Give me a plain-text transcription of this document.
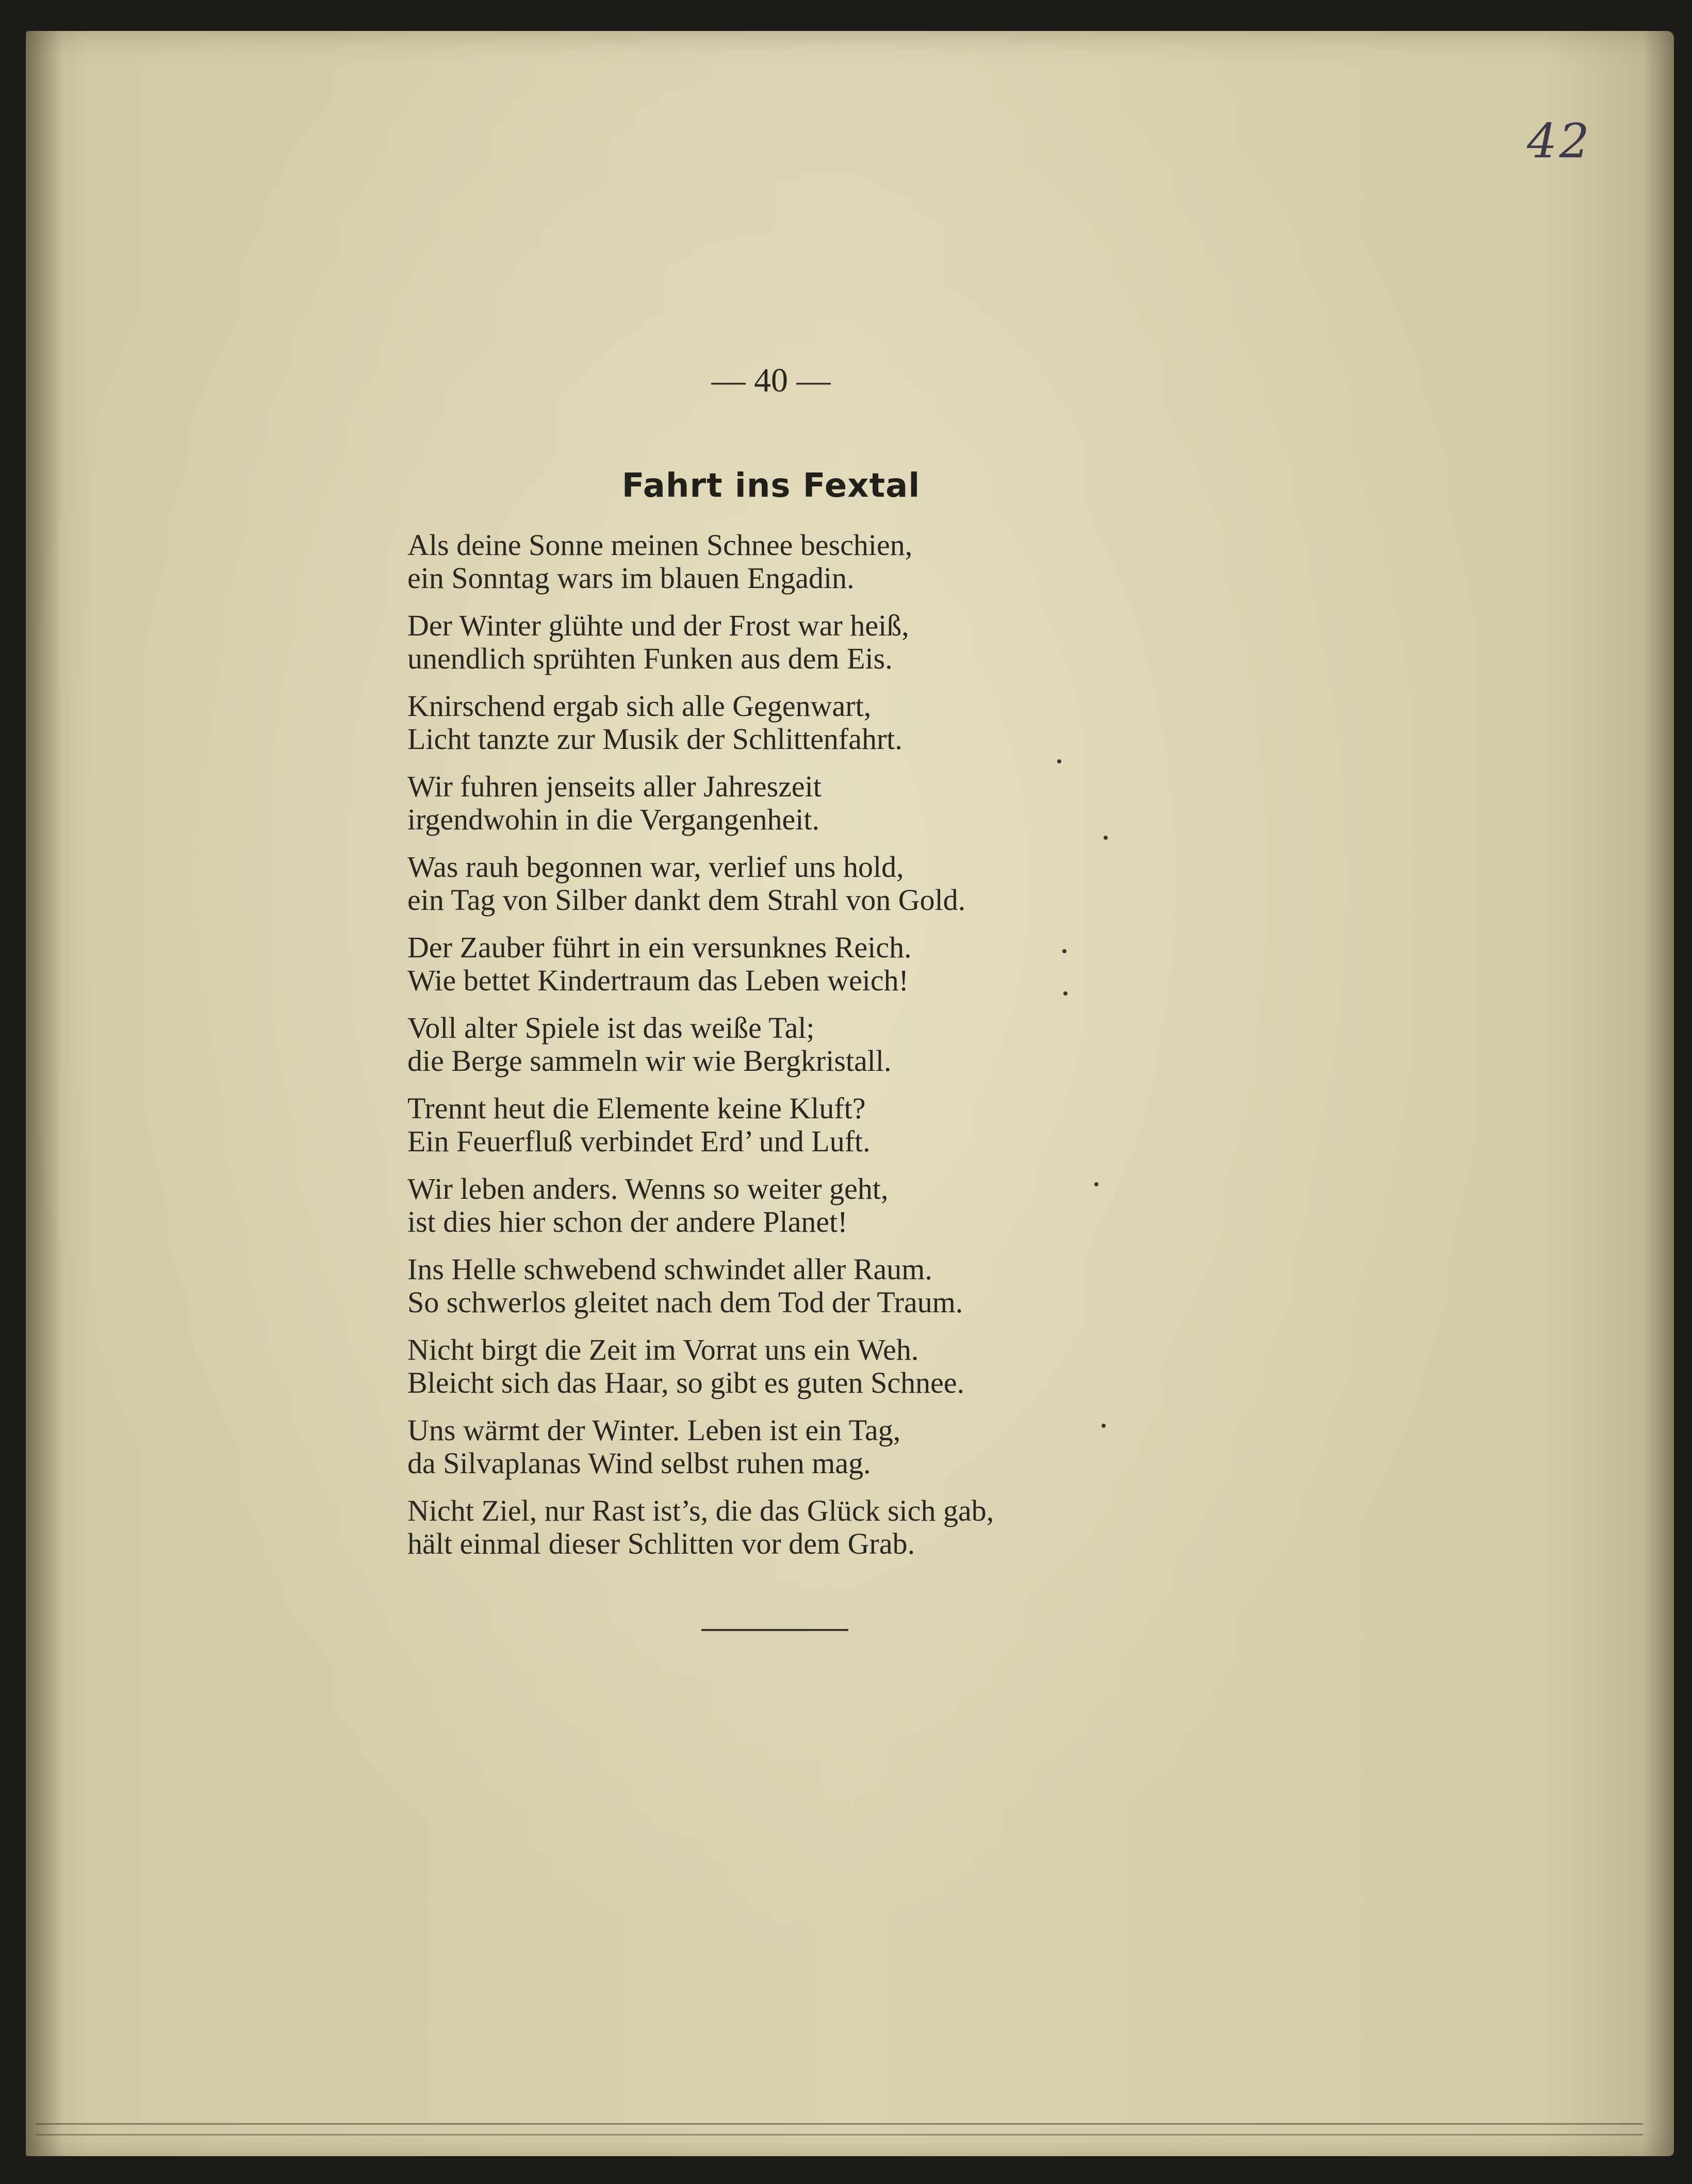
42
— 40 —
Fahrt ins Fextal

Als deine Sonne meinen Schnee beschien,
ein Sonntag wars im blauen Engadin.

Der Winter glühte und der Frost war heiß,
unendlich sprühten Funken aus dem Eis.

Knirschend ergab sich alle Gegenwart,
Licht tanzte zur Musik der Schlittenfahrt.

Wir fuhren jenseits aller Jahreszeit
irgendwohin in die Vergangenheit.

Was rauh begonnen war, verlief uns hold,
ein Tag von Silber dankt dem Strahl von Gold.

Der Zauber führt in ein versunknes Reich.
Wie bettet Kindertraum das Leben weich!

Voll alter Spiele ist das weiße Tal;
die Berge sammeln wir wie Bergkristall.

Trennt heut die Elemente keine Kluft?
Ein Feuerfluß verbindet Erd’ und Luft.

Wir leben anders. Wenns so weiter geht,
ist dies hier schon der andere Planet!

Ins Helle schwebend schwindet aller Raum.
So schwerlos gleitet nach dem Tod der Traum.

Nicht birgt die Zeit im Vorrat uns ein Weh.
Bleicht sich das Haar, so gibt es guten Schnee.

Uns wärmt der Winter. Leben ist ein Tag,
da Silvaplanas Wind selbst ruhen mag.

Nicht Ziel, nur Rast ist’s, die das Glück sich gab,
hält einmal dieser Schlitten vor dem Grab.
